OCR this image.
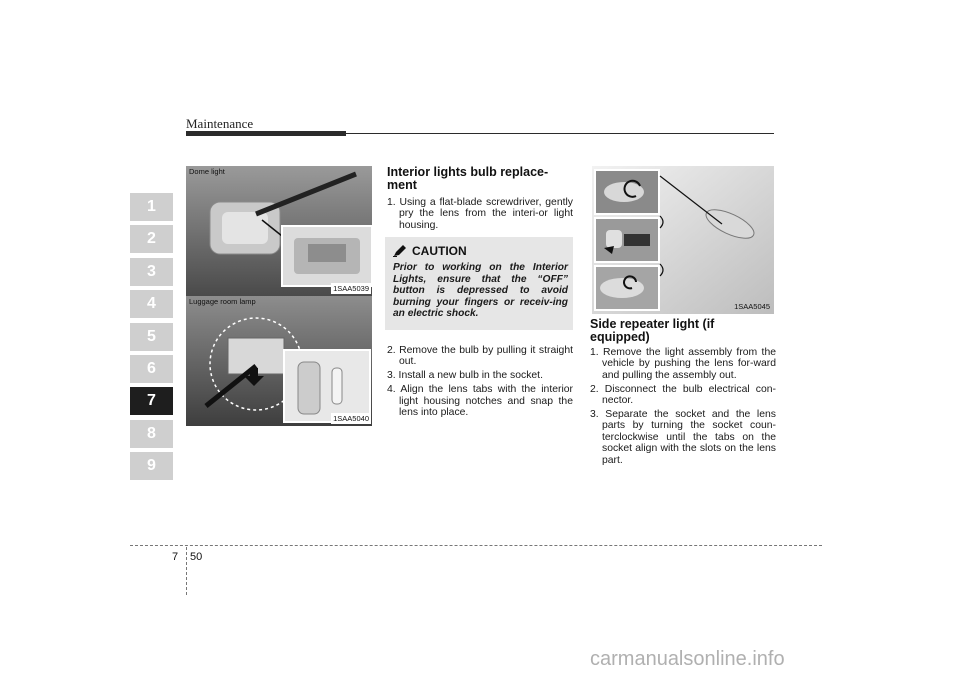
Maintenance
1
2
3
4
5
6
7
8
9
Dome light
1SAA5039
Luggage room lamp
1SAA5040
Interior lights bulb replace-ment
1. Using a flat-blade screwdriver, gently pry the lens from the interi-or light housing.
CAUTION
Prior to working on the Interior Lights, ensure that the “OFF” button is depressed to avoid burning your fingers or receiv-ing an electric shock.
2. Remove the bulb by pulling it straight out.
3. Install a new bulb in the socket.
4. Align the lens tabs with the interior light housing notches and snap the lens into place.
1SAA5045
Side repeater light (if equipped)
1. Remove the light assembly from the vehicle by pushing the lens for-ward and pulling the assembly out.
2. Disconnect the bulb electrical con-nector.
3. Separate the socket and the lens parts by turning the socket coun-terclockwise until the tabs on the socket align with the slots on the lens part.
7 50
carmanualsonline.info
